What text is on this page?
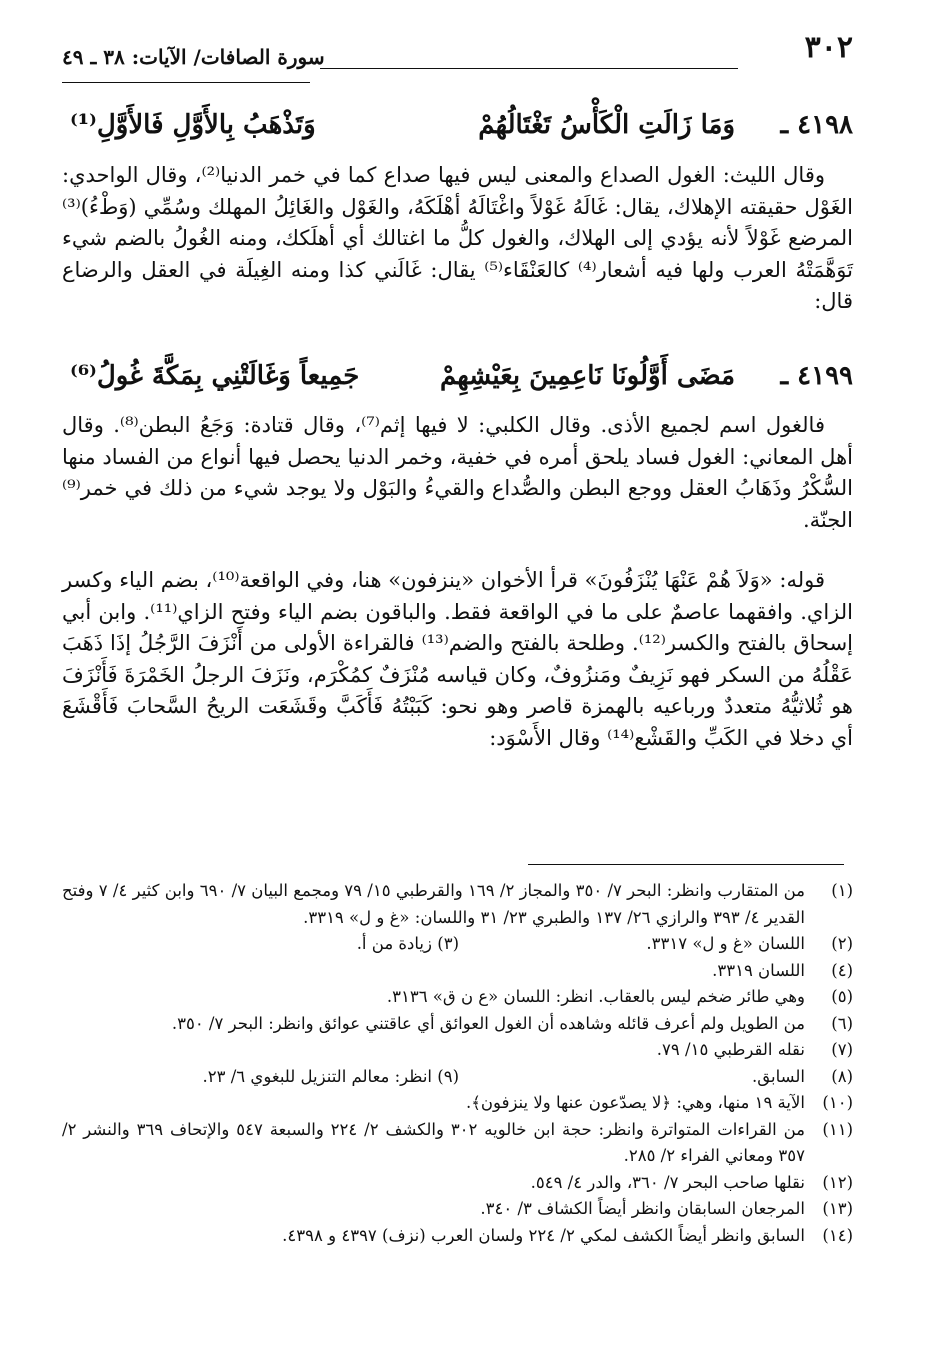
٣٠٢
سورة الصافات/ الآيات: ٣٨ ـ ٤٩
٤١٩٨ ـ
وَمَا زَالَتِ الْكَأْسُ تَغْتَالُهُمْ
وَتَذْهَبُ بِالأَوَّلِ فَالأَوَّلِ⁽¹⁾

وقال الليث: الغول الصداع والمعنى ليس فيها صداع كما في خمر الدنيا⁽²⁾، وقال الواحدي: الغَوْل حقيقته الإهلاك، يقال: غَالَهُ غَوْلاً واغْتَالَهُ أهْلَكَهُ، والغَوْل والغَائِلُ المهلك وسُمِّي (وَطْءُ)⁽³⁾ المرضع غَوْلاً لأنه يؤدي إلى الهلاك، والغول كلُّ ما اغتالك أي أهلَكك، ومنه الغُولُ بالضم شيء تَوَهَّمَتْهُ العرب ولها فيه أشعار⁽⁴⁾ كالعَنْقَاء⁽⁵⁾ يقال: غَالَني كذا ومنه الغِيلَة في العقل والرضاع قال:

٤١٩٩ ـ
مَضَى أَوَّلُونَا نَاعِمِينَ بِعَيْشِهِمْ
جَمِيعاً وَغَالَتْنِي بِمَكَّةَ غُولُ⁽⁶⁾

فالغول اسم لجميع الأذى. وقال الكلبي: لا فيها إثم⁽⁷⁾، وقال قتادة: وَجَعُ البطن⁽⁸⁾. وقال أهل المعاني: الغول فساد يلحق أمره في خفية، وخمر الدنيا يحصل فيها أنواع من الفساد منها السُّكْرُ وذَهَابُ العقل ووجع البطن والصُّداع والقيءُ والبَوْل ولا يوجد شيء من ذلك في خمر⁽⁹⁾ الجنّة.

قوله: «وَلاَ هُمْ عَنْهَا يُنْزَفُونَ» قرأ الأخوان «ينزفون» هنا، وفي الواقعة⁽¹⁰⁾، بضم الياء وكسر الزاي. وافقهما عاصمٌ على ما في الواقعة فقط. والباقون بضم الياء وفتح الزاي⁽¹¹⁾. وابن أبي إسحاق بالفتح والكسر⁽¹²⁾. وطلحة بالفتح والضم⁽¹³⁾ فالقراءة الأولى من أَنْزَفَ الرَّجُلُ إذَا ذَهَبَ عَقْلُهُ من السكر فهو نَزِيفٌ ومَنزُوفٌ، وكان قياسه مُنْزَفٌ كمُكْرَم، ونَزَفَ الرجلُ الخَمْرَةَ فَأَنْزَفَ هو ثُلاثيُّهُ متعددٌ ورباعيه بالهمزة قاصر وهو نحو: كَبَبْتُهُ فَأَكَبَّ وقَشَعَت الريحُ السَّحابَ فَأَقْشَعَ أي دخلا في الكَبِّ والقَشْع⁽¹⁴⁾ وقال الأَسْوَد:

(١)
من المتقارب وانظر: البحر ٧/ ٣٥٠ والمجاز ٢/ ١٦٩ والقرطبي ١٥/ ٧٩ ومجمع البيان ٧/ ٦٩٠ وابن كثير ٤/ ٧ وفتح القدير ٤/ ٣٩٣ والرازي ٢٦/ ١٣٧ والطبري ٢٣/ ٣١ واللسان: «غ و ل» ٣٣١٩.
(٢)
اللسان «غ و ل» ٣٣١٧.
(٣) زيادة من أ.
(٤)
اللسان ٣٣١٩.
(٥)
وهي طائر ضخم ليس بالعقاب. انظر: اللسان «ع ن ق» ٣١٣٦.
(٦)
من الطويل ولم أعرف قائله وشاهده أن الغول العوائق أي عاقتني عوائق وانظر: البحر ٧/ ٣٥٠.
(٧)
نقله القرطبي ١٥/ ٧٩.
(٨)
السابق.
(٩) انظر: معالم التنزيل للبغوي ٦/ ٢٣.
(١٠)
الآية ١٩ منها، وهي: ﴿لا يصدّعون عنها ولا ينزفون﴾.
(١١)
من القراءات المتواترة وانظر: حجة ابن خالويه ٣٠٢ والكشف ٢/ ٢٢٤ والسبعة ٥٤٧ والإتحاف ٣٦٩ والنشر ٢/ ٣٥٧ ومعاني الفراء ٢/ ٢٨٥.
(١٢)
نقلها صاحب البحر ٧/ ٣٦٠، والدر ٤/ ٥٤٩.
(١٣)
المرجعان السابقان وانظر أيضاً الكشاف ٣/ ٣٤٠.
(١٤)
السابق وانظر أيضاً الكشف لمكي ٢/ ٢٢٤ ولسان العرب (نزف) ٤٣٩٧ و ٤٣٩٨.
